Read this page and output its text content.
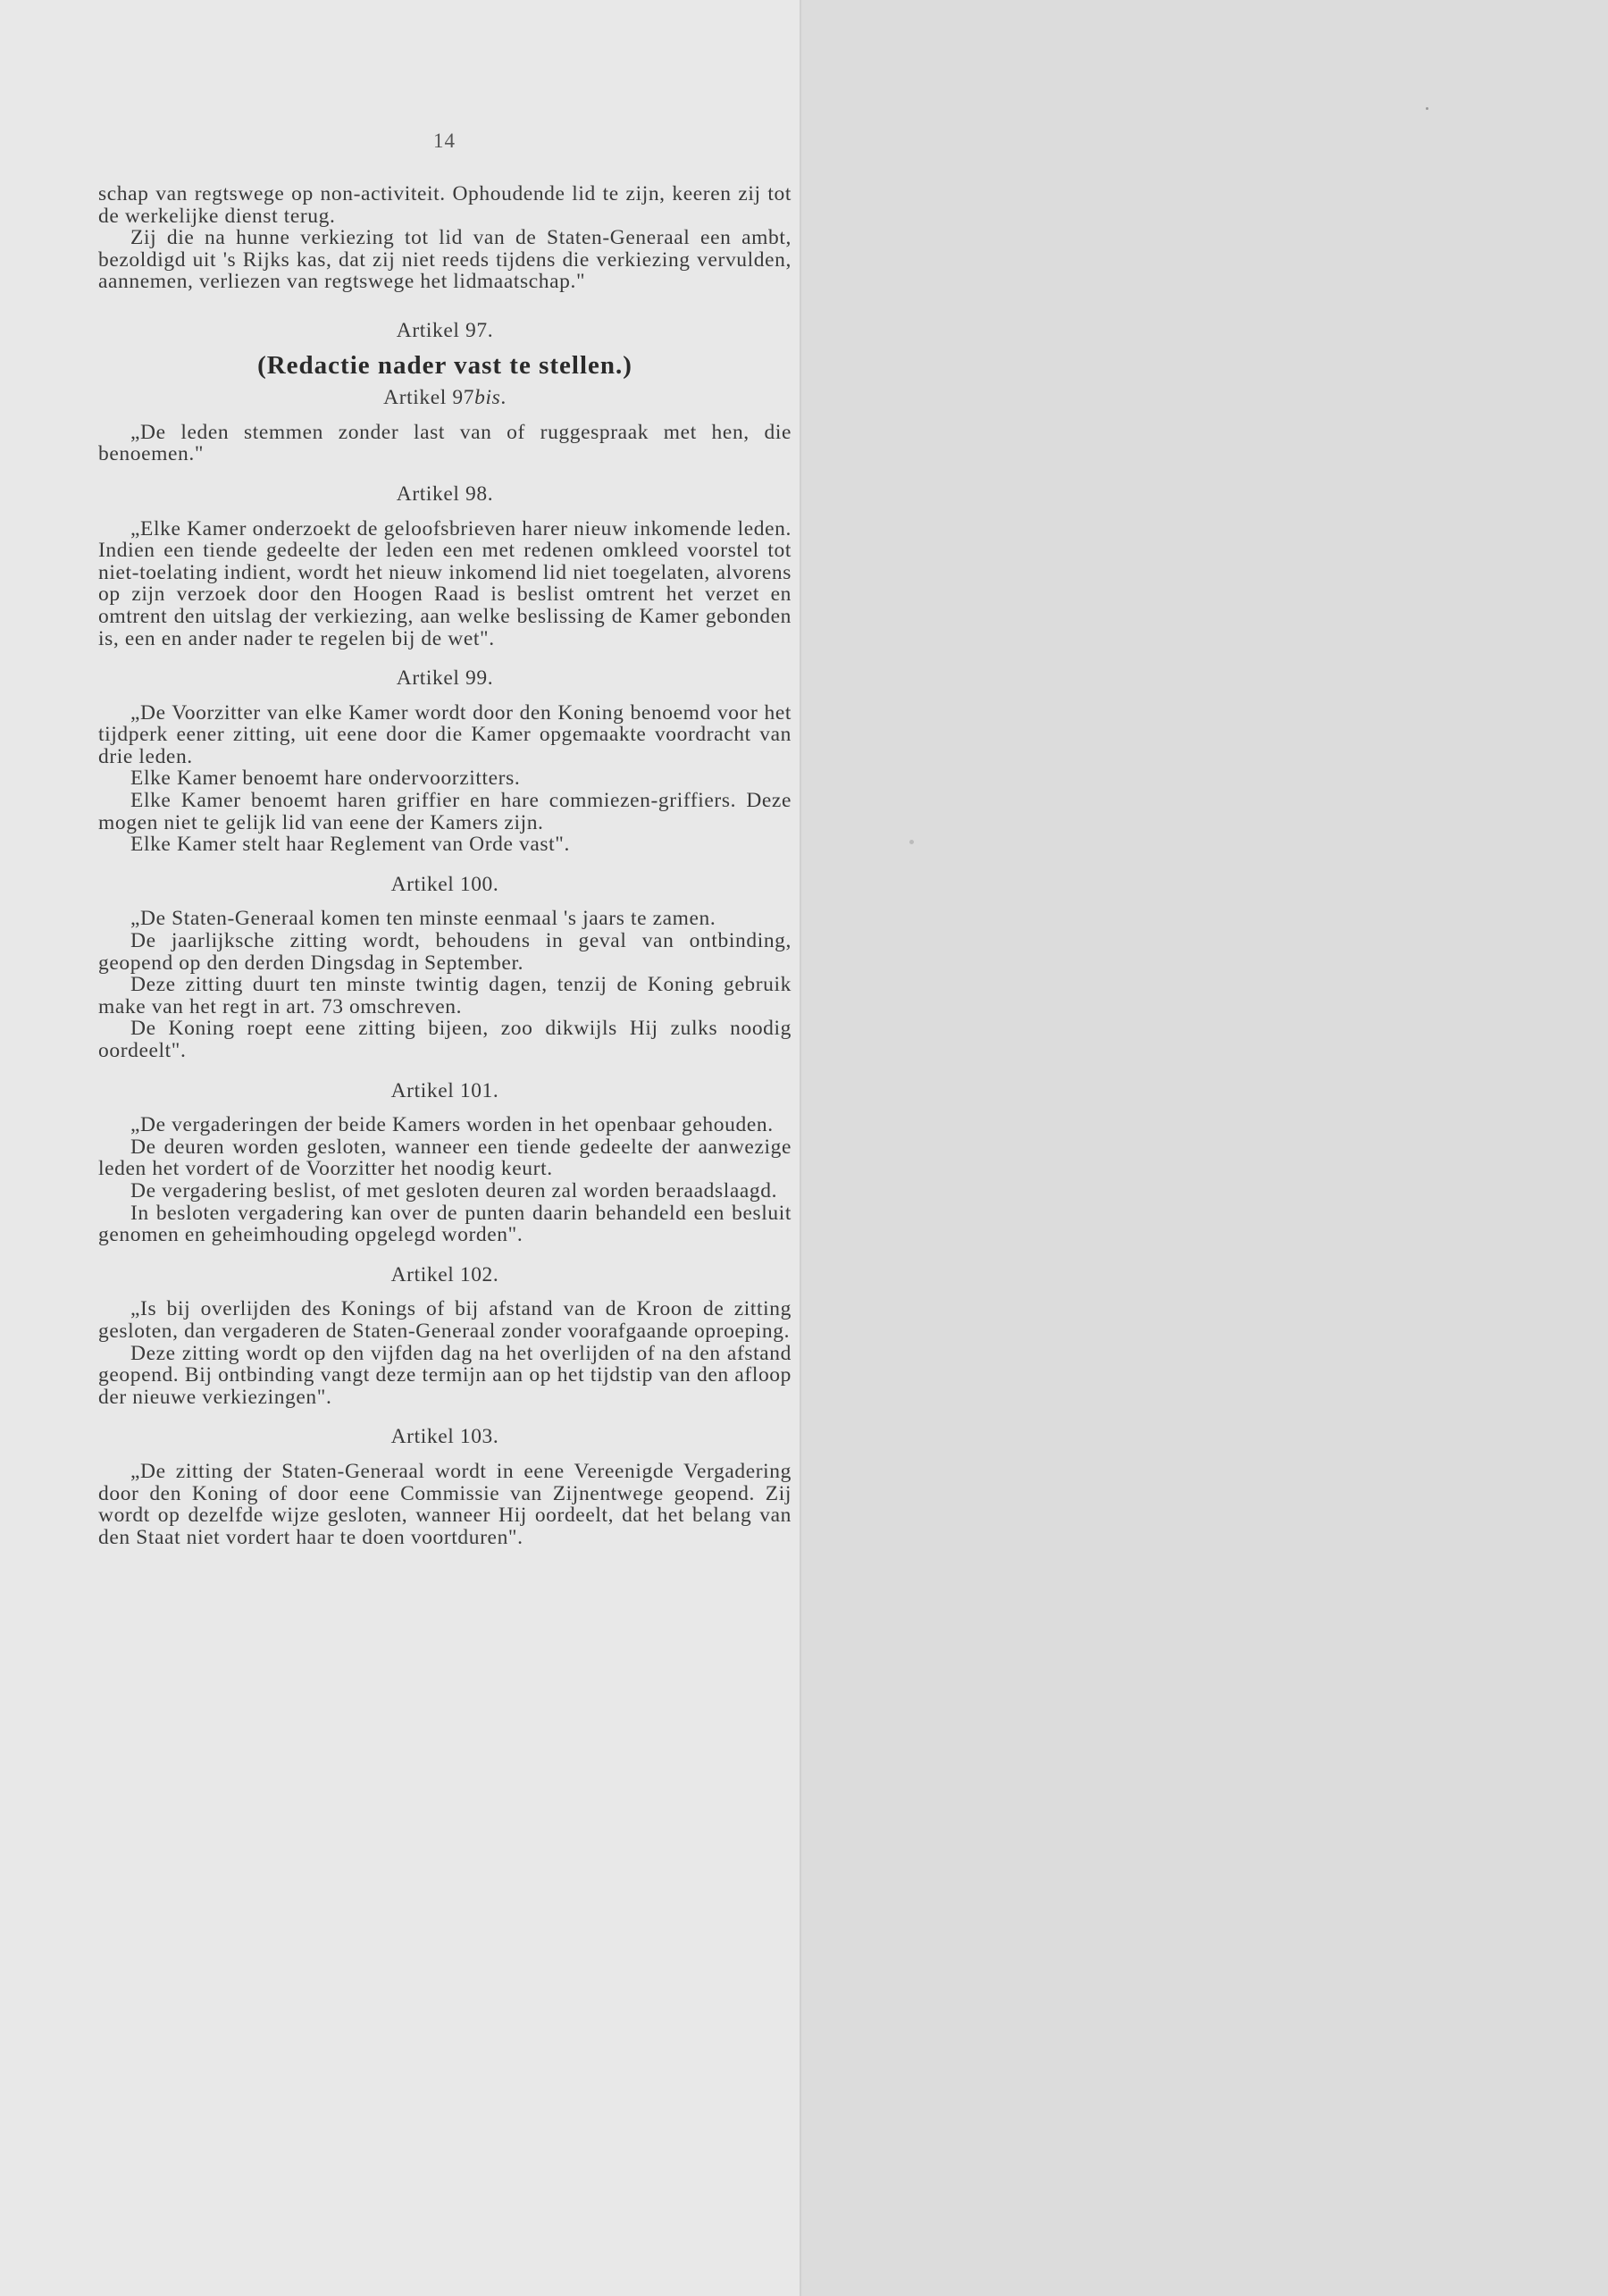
14

schap van regtswege op non-activiteit. Ophoudende lid te zijn, keeren zij tot de werkelijke dienst terug.

Zij die na hunne verkiezing tot lid van de Staten-Generaal een ambt, bezoldigd uit 's Rijks kas, dat zij niet reeds tijdens die verkiezing vervulden, aannemen, verliezen van regtswege het lidmaatschap."

Artikel 97.
(Redactie nader vast te stellen.)
Artikel 97bis.

„De leden stemmen zonder last van of ruggespraak met hen, die benoemen."

Artikel 98.

„Elke Kamer onderzoekt de geloofsbrieven harer nieuw inkomende leden. Indien een tiende gedeelte der leden een met redenen omkleed voorstel tot niet-toelating indient, wordt het nieuw inkomend lid niet toegelaten, alvorens op zijn verzoek door den Hoogen Raad is beslist omtrent het verzet en omtrent den uitslag der verkiezing, aan welke beslissing de Kamer gebonden is, een en ander nader te regelen bij de wet".

Artikel 99.

„De Voorzitter van elke Kamer wordt door den Koning benoemd voor het tijdperk eener zitting, uit eene door die Kamer opgemaakte voordracht van drie leden.

Elke Kamer benoemt hare ondervoorzitters.

Elke Kamer benoemt haren griffier en hare commiezen-griffiers. Deze mogen niet te gelijk lid van eene der Kamers zijn.

Elke Kamer stelt haar Reglement van Orde vast".

Artikel 100.

„De Staten-Generaal komen ten minste eenmaal 's jaars te zamen.

De jaarlijksche zitting wordt, behoudens in geval van ontbinding, geopend op den derden Dingsdag in September.

Deze zitting duurt ten minste twintig dagen, tenzij de Koning gebruik make van het regt in art. 73 omschreven.

De Koning roept eene zitting bijeen, zoo dikwijls Hij zulks noodig oordeelt".

Artikel 101.

„De vergaderingen der beide Kamers worden in het openbaar gehouden.

De deuren worden gesloten, wanneer een tiende gedeelte der aanwezige leden het vordert of de Voorzitter het noodig keurt.

De vergadering beslist, of met gesloten deuren zal worden beraadslaagd.

In besloten vergadering kan over de punten daarin behandeld een besluit genomen en geheimhouding opgelegd worden".

Artikel 102.

„Is bij overlijden des Konings of bij afstand van de Kroon de zitting gesloten, dan vergaderen de Staten-Generaal zonder voorafgaande oproeping.

Deze zitting wordt op den vijfden dag na het overlijden of na den afstand geopend. Bij ontbinding vangt deze termijn aan op het tijdstip van den afloop der nieuwe verkiezingen".

Artikel 103.

„De zitting der Staten-Generaal wordt in eene Vereenigde Vergadering door den Koning of door eene Commissie van Zijnentwege geopend. Zij wordt op dezelfde wijze gesloten, wanneer Hij oordeelt, dat het belang van den Staat niet vordert haar te doen voortduren".
